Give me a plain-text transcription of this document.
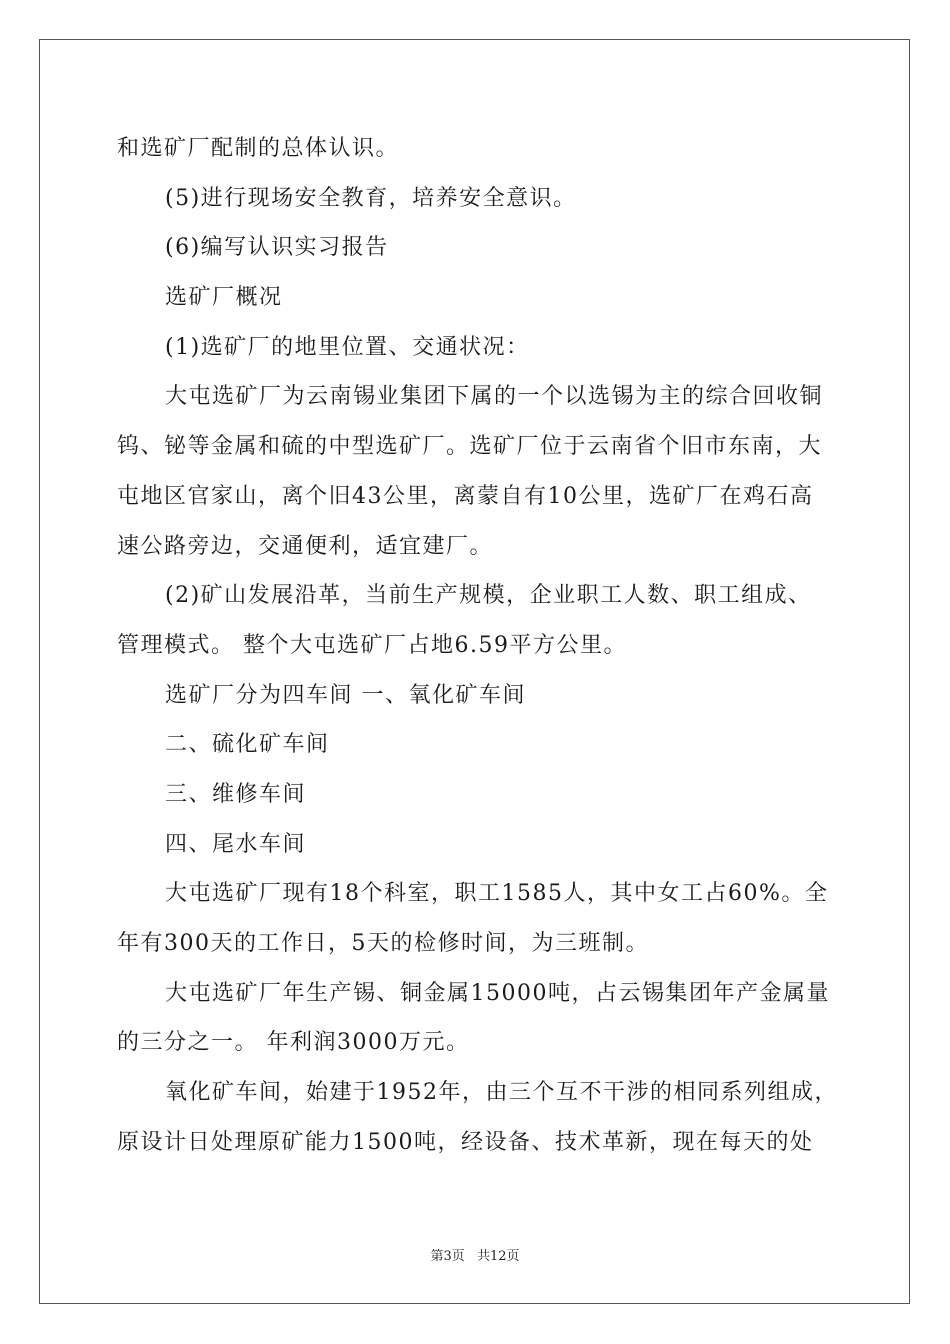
和选矿厂配制的总体认识。
(5)进行现场安全教育，培养安全意识。
(6)编写认识实习报告
选矿厂概况
(1)选矿厂的地里位置、交通状况：
大屯选矿厂为云南锡业集团下属的一个以选锡为主的综合回收铜
钨、铋等金属和硫的中型选矿厂。选矿厂位于云南省个旧市东南，大
屯地区官家山，离个旧43公里，离蒙自有10公里，选矿厂在鸡石高
速公路旁边，交通便利，适宜建厂。
(2)矿山发展沿革，当前生产规模，企业职工人数、职工组成、
管理模式。 整个大屯选矿厂占地6.59平方公里。
选矿厂分为四车间 一、氧化矿车间
二、硫化矿车间
三、维修车间
四、尾水车间
大屯选矿厂现有18个科室，职工1585人，其中女工占60%。全
年有300天的工作日，5天的检修时间，为三班制。
大屯选矿厂年生产锡、铜金属15000吨，占云锡集团年产金属量
的三分之一。 年利润3000万元。
氧化矿车间，始建于1952年，由三个互不干涉的相同系列组成，
原设计日处理原矿能力1500吨，经设备、技术革新，现在每天的处
第3页 共12页
